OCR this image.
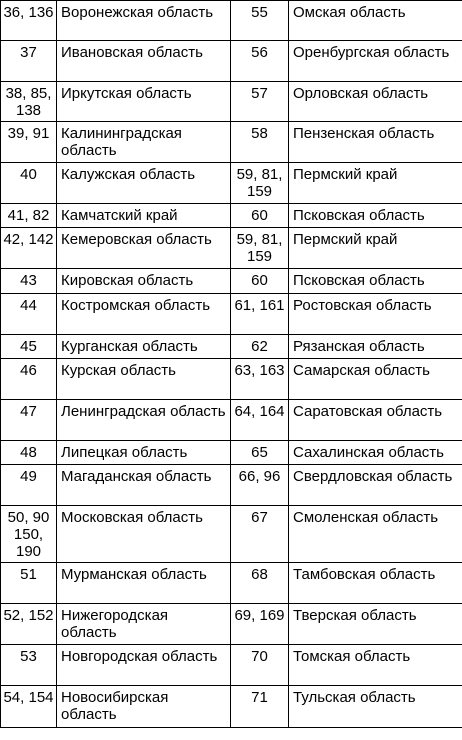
36, 136	Воронежская область	55	Омская область
37	Ивановская область	56	Оренбургская область
38, 85, 138	Иркутская область	57	Орловская область
39, 91	Калининградская область	58	Пензенская область
40	Калужская область	59, 81, 159	Пермский край
41, 82	Камчатский край	60	Псковская область
42, 142	Кемеровская область	59, 81, 159	Пермский край
43	Кировская область	60	Псковская область
44	Костромская область	61, 161	Ростовская область
45	Курганская область	62	Рязанская область
46	Курская область	63, 163	Самарская область
47	Ленинградская область	64, 164	Саратовская область
48	Липецкая область	65	Сахалинская область
49	Магаданская область	66, 96	Свердловская область
50, 90 150, 190	Московская область	67	Смоленская область
51	Мурманская область	68	Тамбовская область
52, 152	Нижегородская область	69, 169	Тверская область
53	Новгородская область	70	Томская область
54, 154	Новосибирская область	71	Тульская область
